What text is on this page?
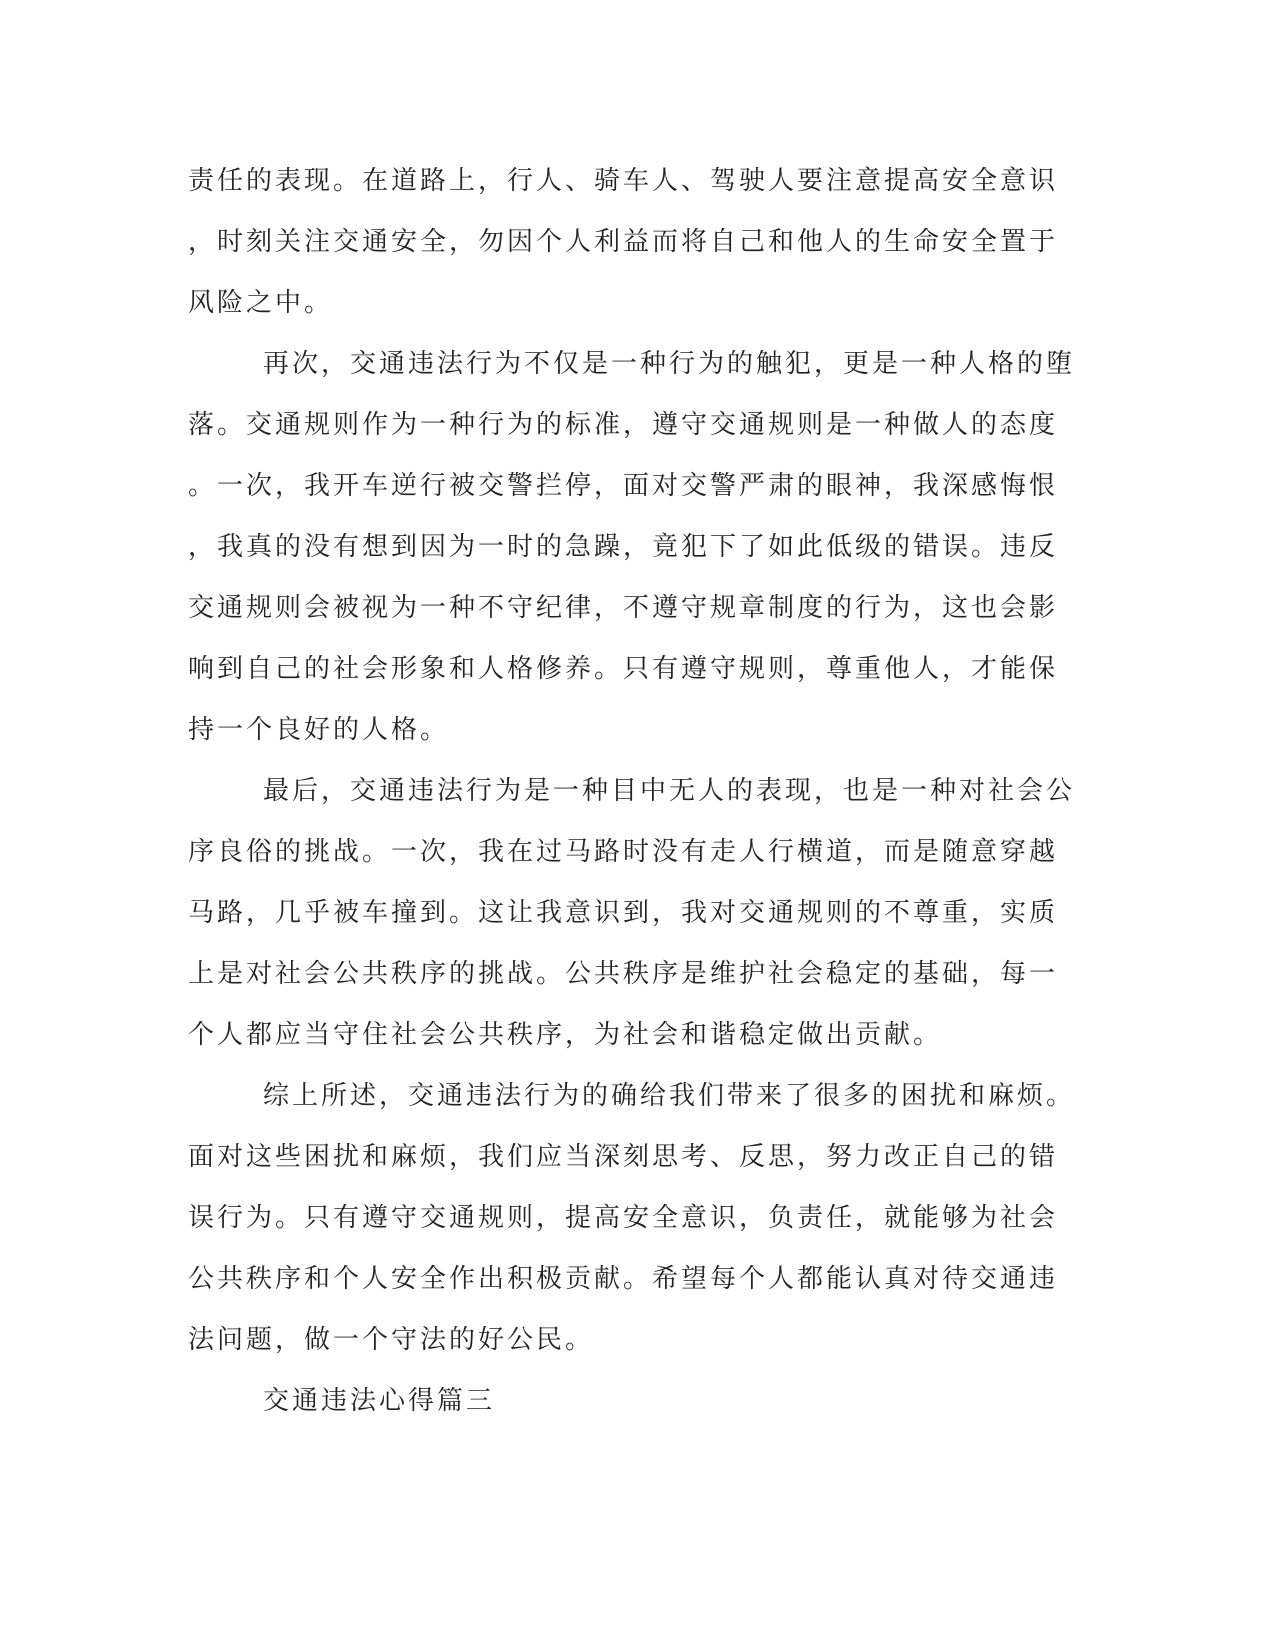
责任的表现。在道路上，行人、骑车人、驾驶人要注意提高安全意识
，时刻关注交通安全，勿因个人利益而将自己和他人的生命安全置于
风险之中。
再次，交通违法行为不仅是一种行为的触犯，更是一种人格的堕
落。交通规则作为一种行为的标准，遵守交通规则是一种做人的态度
。一次，我开车逆行被交警拦停，面对交警严肃的眼神，我深感悔恨
，我真的没有想到因为一时的急躁，竟犯下了如此低级的错误。违反
交通规则会被视为一种不守纪律，不遵守规章制度的行为，这也会影
响到自己的社会形象和人格修养。只有遵守规则，尊重他人，才能保
持一个良好的人格。
最后，交通违法行为是一种目中无人的表现，也是一种对社会公
序良俗的挑战。一次，我在过马路时没有走人行横道，而是随意穿越
马路，几乎被车撞到。这让我意识到，我对交通规则的不尊重，实质
上是对社会公共秩序的挑战。公共秩序是维护社会稳定的基础，每一
个人都应当守住社会公共秩序，为社会和谐稳定做出贡献。
综上所述，交通违法行为的确给我们带来了很多的困扰和麻烦。
面对这些困扰和麻烦，我们应当深刻思考、反思，努力改正自己的错
误行为。只有遵守交通规则，提高安全意识，负责任，就能够为社会
公共秩序和个人安全作出积极贡献。希望每个人都能认真对待交通违
法问题，做一个守法的好公民。
交通违法心得篇三
